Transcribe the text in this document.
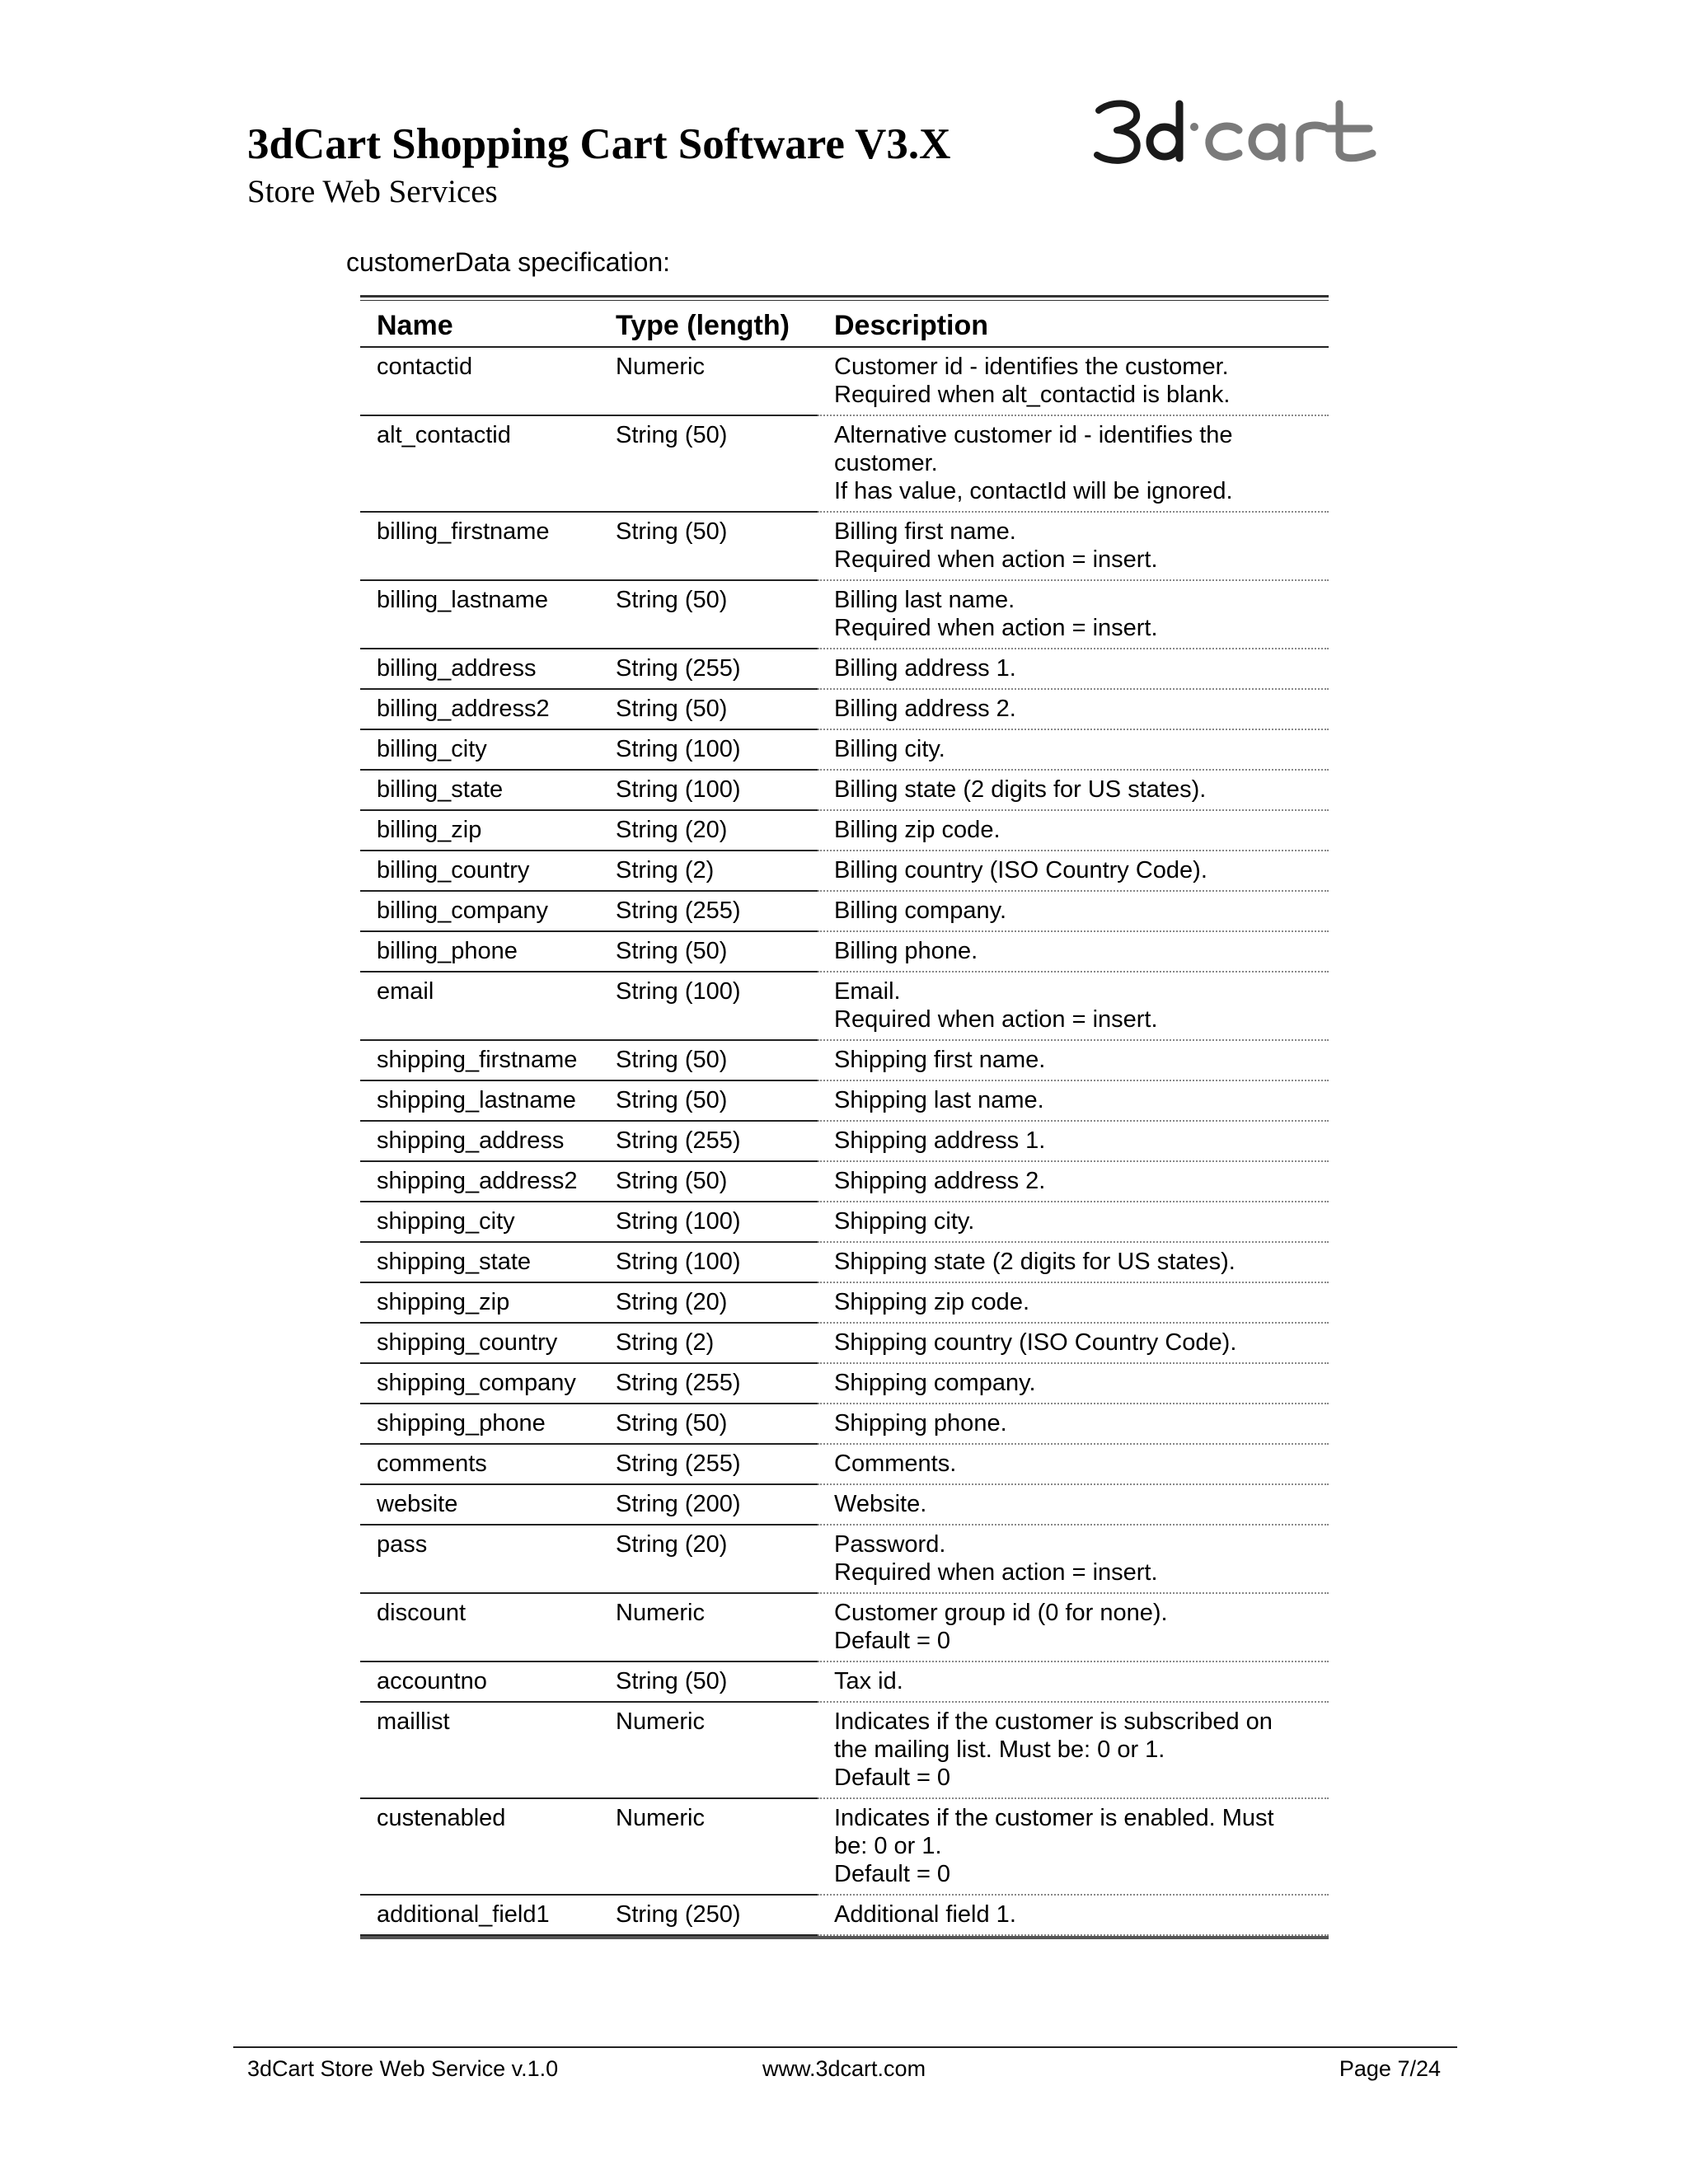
3dCart Shopping Cart Software V3.X
Store Web Services
customerData specification:
Name	Type (length)	Description
contactid	Numeric	Customer id - identifies the customer.
Required when alt_contactid is blank.

alt_contactid	String (50)	Alternative customer id - identifies the
customer.
If has value, contactId will be ignored.

billing_firstname	String (50)	Billing first name.
Required when action = insert.

billing_lastname	String (50)	Billing last name.
Required when action = insert.

billing_address	String (255)	Billing address 1.

billing_address2	String (50)	Billing address 2.

billing_city	String (100)	Billing city.

billing_state	String (100)	Billing state (2 digits for US states).

billing_zip	String (20)	Billing zip code.

billing_country	String (2)	Billing country (ISO Country Code).

billing_company	String (255)	Billing company.

billing_phone	String (50)	Billing phone.

email	String (100)	Email.
Required when action = insert.

shipping_firstname	String (50)	Shipping first name.

shipping_lastname	String (50)	Shipping last name.

shipping_address	String (255)	Shipping address 1.

shipping_address2	String (50)	Shipping address 2.

shipping_city	String (100)	Shipping city.

shipping_state	String (100)	Shipping state (2 digits for US states).

shipping_zip	String (20)	Shipping zip code.

shipping_country	String (2)	Shipping country (ISO Country Code).

shipping_company	String (255)	Shipping company.

shipping_phone	String (50)	Shipping phone.

comments	String (255)	Comments.

website	String (200)	Website.

pass	String (20)	Password.
Required when action = insert.

discount	Numeric	Customer group id (0 for none).
Default = 0

accountno	String (50)	Tax id.

maillist	Numeric	Indicates if the customer is subscribed on
the mailing list. Must be: 0 or 1.
Default = 0

custenabled	Numeric	Indicates if the customer is enabled. Must
be: 0 or 1.
Default = 0

additional_field1	String (250)	Additional field 1.
3dCart Store Web Service v.1.0	www.3dcart.com	Page 7/24
